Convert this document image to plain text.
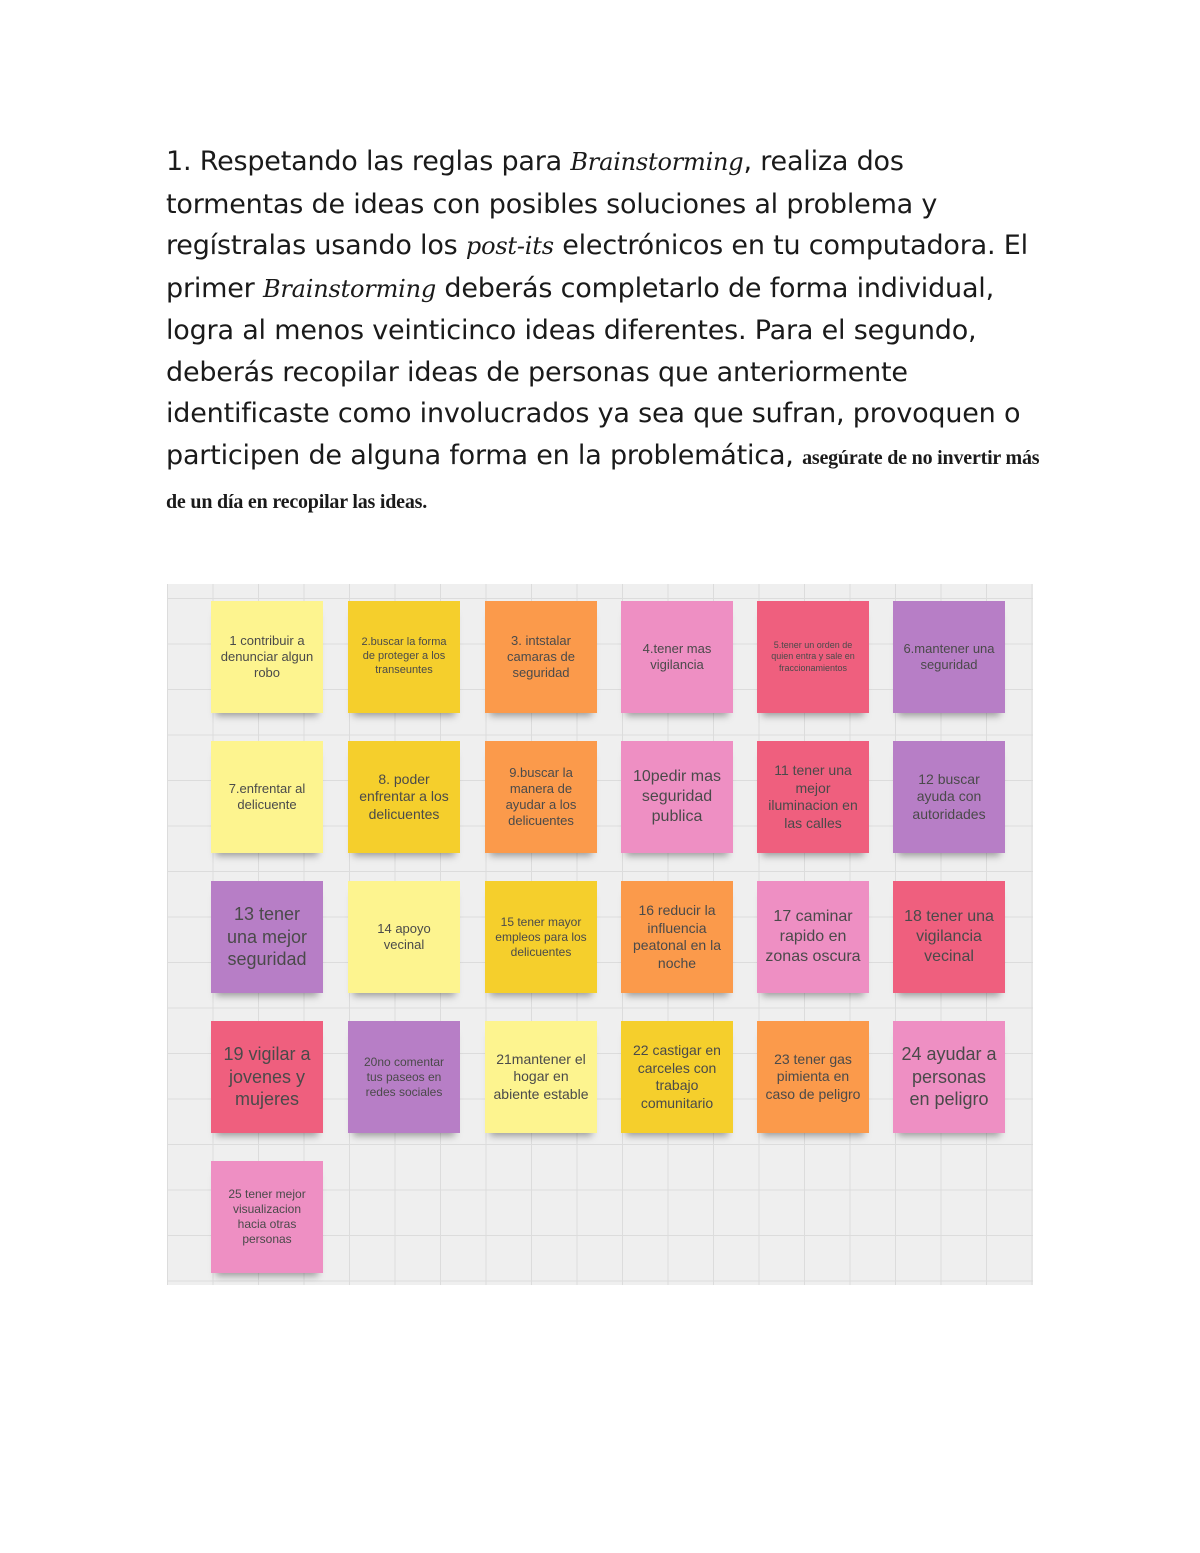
1. Respetando las reglas para Brainstorming, realiza dos tormentas de ideas con posibles soluciones al problema y regístralas usando los post-its electrónicos en tu computadora. El primer Brainstorming deberás completarlo de forma individual, logra al menos veinticinco ideas diferentes. Para el segundo, deberás recopilar ideas de personas que anteriormente identificaste como involucrados ya sea que sufran, provoquen o participen de alguna forma en la problemática, asegúrate de no invertir más de un día en recopilar las ideas.
1 contribuir a denunciar algun robo
2.buscar la forma de proteger a los transeuntes
3. intstalar camaras de seguridad
4.tener mas vigilancia
5.tener un orden de quien entra y sale en fraccionamientos
6.mantener una seguridad
7.enfrentar al delicuente
8. poder enfrentar a los delicuentes
9.buscar la manera de ayudar a los delicuentes
10pedir mas seguridad publica
11 tener una mejor iluminacion en las calles
12 buscar ayuda con autoridades
13 tener una mejor seguridad
14 apoyo vecinal
15 tener mayor empleos para los delicuentes
16 reducir la influencia peatonal en la noche
17 caminar rapido en zonas oscura
18 tener una vigilancia vecinal
19 vigilar a jovenes y mujeres
20no comentar tus paseos en redes sociales
21mantener el hogar en abiente estable
22 castigar en carceles con trabajo comunitario
23 tener gas pimienta en caso de peligro
24 ayudar a personas en peligro
25 tener mejor visualizacion hacia otras personas
